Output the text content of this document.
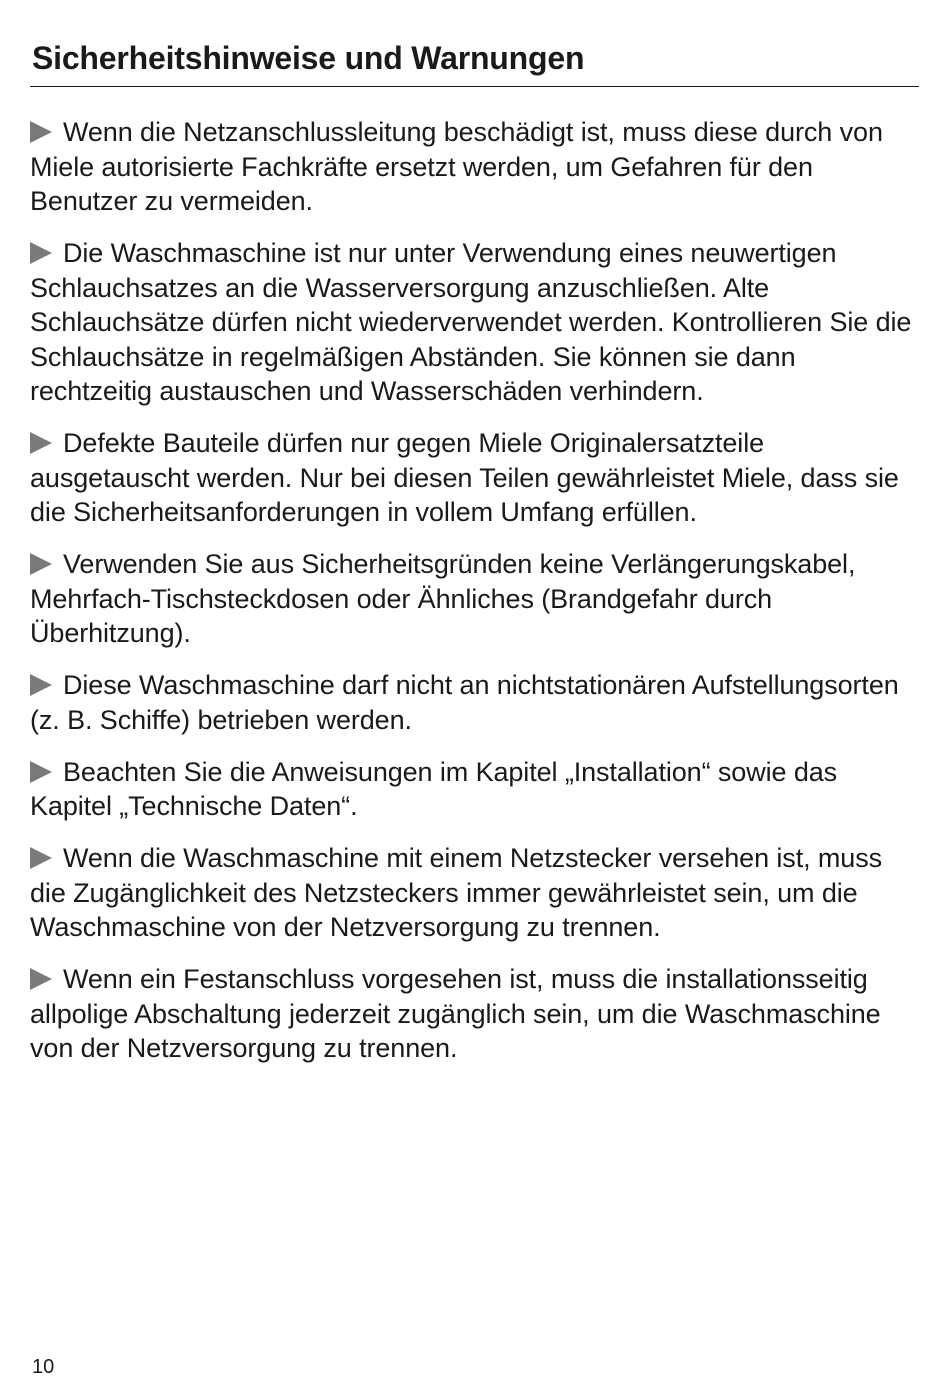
Sicherheitshinweise und Warnungen

Wenn die Netzanschlussleitung beschädigt ist, muss diese durch von Miele autorisierte Fachkräfte ersetzt werden, um Gefahren für den Benutzer zu vermeiden.

Die Waschmaschine ist nur unter Verwendung eines neuwertigen Schlauchsatzes an die Wasserversorgung anzuschließen. Alte Schlauchsätze dürfen nicht wiederverwendet werden. Kontrollieren Sie die Schlauchsätze in regelmäßigen Abständen. Sie können sie dann rechtzeitig austauschen und Wasserschäden verhindern.

Defekte Bauteile dürfen nur gegen Miele Originalersatzteile ausgetauscht werden. Nur bei diesen Teilen gewährleistet Miele, dass sie die Sicherheitsanforderungen in vollem Umfang erfüllen.

Verwenden Sie aus Sicherheitsgründen keine Verlängerungskabel, Mehrfach-Tischsteckdosen oder Ähnliches (Brandgefahr durch Überhitzung).

Diese Waschmaschine darf nicht an nichtstationären Aufstellungsorten (z. B. Schiffe) betrieben werden.

Beachten Sie die Anweisungen im Kapitel „Installation“ sowie das Kapitel „Technische Daten“.

Wenn die Waschmaschine mit einem Netzstecker versehen ist, muss die Zugänglichkeit des Netzsteckers immer gewährleistet sein, um die Waschmaschine von der Netzversorgung zu trennen.

Wenn ein Festanschluss vorgesehen ist, muss die installationsseitig allpolige Abschaltung jederzeit zugänglich sein, um die Waschmaschine von der Netzversorgung zu trennen.

10
